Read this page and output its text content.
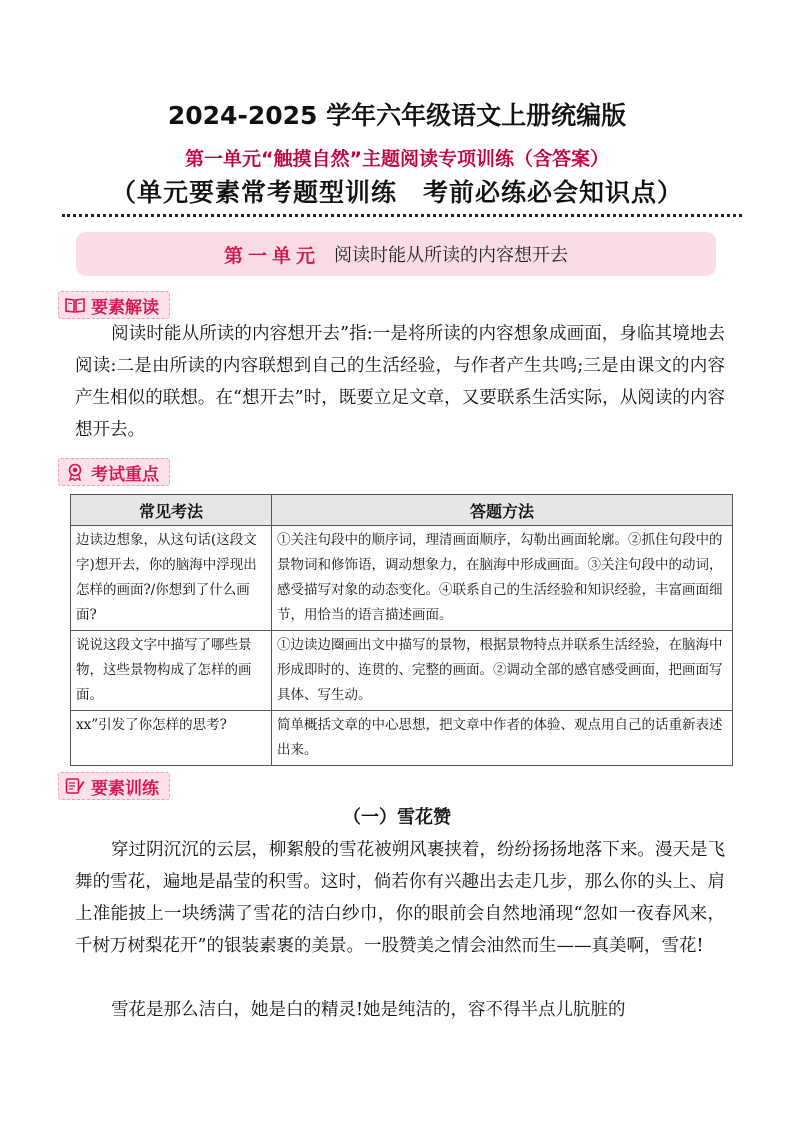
2024-2025 学年六年级语文上册统编版
第一单元“触摸自然”主题阅读专项训练（含答案）
（单元要素常考题型训练　考前必练必会知识点）
第一单元 阅读时能从所读的内容想开去
要素解读
阅读时能从所读的内容想开去”指:一是将所读的内容想象成画面，身临其境地去阅读:二是由所读的内容联想到自己的生活经验，与作者产生共鸣;三是由课文的内容产生相似的联想。在“想开去”时，既要立足文章，又要联系生活实际，从阅读的内容想开去。
考试重点
常见考法	答题方法
边读边想象，从这句话(这段文字)想开去，你的脑海中浮现出怎样的画面?/你想到了什么画面?	①关注句段中的顺序词，理清画面顺序，勾勒出画面轮廓。②抓住句段中的景物词和修饰语，调动想象力，在脑海中形成画面。③关注句段中的动词，感受描写对象的动态变化。④联系自己的生活经验和知识经验，丰富画面细节，用恰当的语言描述画面。
说说这段文字中描写了哪些景物，这些景物构成了怎样的画面。	①边读边圈画出文中描写的景物，根据景物特点并联系生活经验，在脑海中形成即时的、连贯的、完整的画面。②调动全部的感官感受画面，把画面写具体、写生动。
xx”引发了你怎样的思考?	简单概括文章的中心思想，把文章中作者的体验、观点用自己的话重新表述出来。
要素训练
（一）雪花赞
穿过阴沉沉的云层，柳絮般的雪花被朔风裹挟着，纷纷扬扬地落下来。漫天是飞舞的雪花，遍地是晶莹的积雪。这时，倘若你有兴趣出去走几步，那么你的头上、肩上准能披上一块绣满了雪花的洁白纱巾，你的眼前会自然地涌现“忽如一夜春风来，千树万树梨花开”的银装素裹的美景。一股赞美之情会油然而生——真美啊，雪花!
雪花是那么洁白，她是白的精灵!她是纯洁的，容不得半点儿肮脏的
